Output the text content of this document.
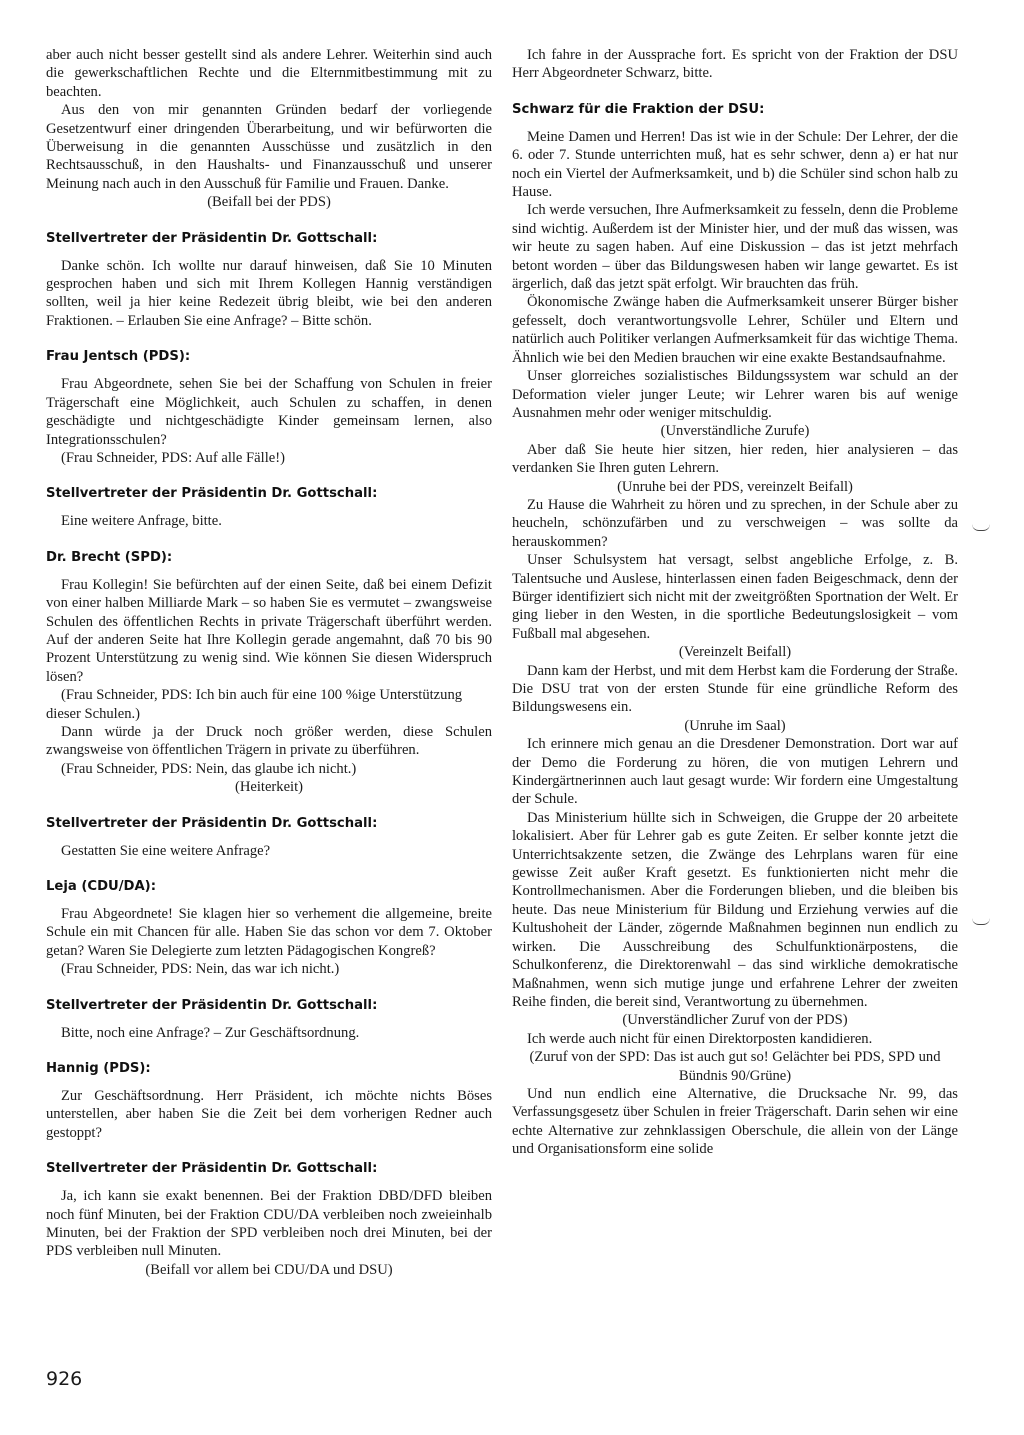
aber auch nicht besser gestellt sind als andere Lehrer. Weiterhin sind auch die gewerkschaftlichen Rechte und die Elternmitbestimmung mit zu beachten.

Aus den von mir genannten Gründen bedarf der vorliegende Gesetzentwurf einer dringenden Überarbeitung, und wir befürworten die Überweisung in die genannten Ausschüsse und zusätzlich in den Rechtsausschuß, in den Haushalts- und Finanzausschuß und unserer Meinung nach auch in den Ausschuß für Familie und Frauen. Danke.

(Beifall bei der PDS)

Stellvertreter der Präsidentin Dr. Gottschall:

Danke schön. Ich wollte nur darauf hinweisen, daß Sie 10 Minuten gesprochen haben und sich mit Ihrem Kollegen Hannig verständigen sollten, weil ja hier keine Redezeit übrig bleibt, wie bei den anderen Fraktionen. – Erlauben Sie eine Anfrage? – Bitte schön.

Frau Jentsch (PDS):

Frau Abgeordnete, sehen Sie bei der Schaffung von Schulen in freier Trägerschaft eine Möglichkeit, auch Schulen zu schaffen, in denen geschädigte und nichtgeschädigte Kinder gemeinsam lernen, also Integrationsschulen?

(Frau Schneider, PDS: Auf alle Fälle!)

Stellvertreter der Präsidentin Dr. Gottschall:

Eine weitere Anfrage, bitte.

Dr. Brecht (SPD):

Frau Kollegin! Sie befürchten auf der einen Seite, daß bei einem Defizit von einer halben Milliarde Mark – so haben Sie es vermutet – zwangsweise Schulen des öffentlichen Rechts in private Trägerschaft überführt werden. Auf der anderen Seite hat Ihre Kollegin gerade angemahnt, daß 70 bis 90 Prozent Unterstützung zu wenig sind. Wie können Sie diesen Widerspruch lösen?

(Frau Schneider, PDS: Ich bin auch für eine 100 %ige Unterstützung dieser Schulen.)

Dann würde ja der Druck noch größer werden, diese Schulen zwangsweise von öffentlichen Trägern in private zu überführen.

(Frau Schneider, PDS: Nein, das glaube ich nicht.)

(Heiterkeit)

Stellvertreter der Präsidentin Dr. Gottschall:

Gestatten Sie eine weitere Anfrage?

Leja (CDU/DA):

Frau Abgeordnete! Sie klagen hier so verhement die allgemeine, breite Schule ein mit Chancen für alle. Haben Sie das schon vor dem 7. Oktober getan? Waren Sie Delegierte zum letzten Pädagogischen Kongreß?

(Frau Schneider, PDS: Nein, das war ich nicht.)

Stellvertreter der Präsidentin Dr. Gottschall:

Bitte, noch eine Anfrage? – Zur Geschäftsordnung.

Hannig (PDS):

Zur Geschäftsordnung. Herr Präsident, ich möchte nichts Böses unterstellen, aber haben Sie die Zeit bei dem vorherigen Redner auch gestoppt?

Stellvertreter der Präsidentin Dr. Gottschall:

Ja, ich kann sie exakt benennen. Bei der Fraktion DBD/DFD bleiben noch fünf Minuten, bei der Fraktion CDU/DA verbleiben noch zweieinhalb Minuten, bei der Fraktion der SPD verbleiben noch drei Minuten, bei der PDS verbleiben null Minuten.

(Beifall vor allem bei CDU/DA und DSU)

Ich fahre in der Aussprache fort. Es spricht von der Fraktion der DSU Herr Abgeordneter Schwarz, bitte.

Schwarz für die Fraktion der DSU:

Meine Damen und Herren! Das ist wie in der Schule: Der Lehrer, der die 6. oder 7. Stunde unterrichten muß, hat es sehr schwer, denn a) er hat nur noch ein Viertel der Aufmerksamkeit, und b) die Schüler sind schon halb zu Hause.

Ich werde versuchen, Ihre Aufmerksamkeit zu fesseln, denn die Probleme sind wichtig. Außerdem ist der Minister hier, und der muß das wissen, was wir heute zu sagen haben. Auf eine Diskussion – das ist jetzt mehrfach betont worden – über das Bildungswesen haben wir lange gewartet. Es ist ärgerlich, daß das jetzt spät erfolgt. Wir brauchten das früh.

Ökonomische Zwänge haben die Aufmerksamkeit unserer Bürger bisher gefesselt, doch verantwortungsvolle Lehrer, Schüler und Eltern und natürlich auch Politiker verlangen Aufmerksamkeit für das wichtige Thema. Ähnlich wie bei den Medien brauchen wir eine exakte Bestandsaufnahme.

Unser glorreiches sozialistisches Bildungssystem war schuld an der Deformation vieler junger Leute; wir Lehrer waren bis auf wenige Ausnahmen mehr oder weniger mitschuldig.

(Unverständliche Zurufe)

Aber daß Sie heute hier sitzen, hier reden, hier analysieren – das verdanken Sie Ihren guten Lehrern.

(Unruhe bei der PDS, vereinzelt Beifall)

Zu Hause die Wahrheit zu hören und zu sprechen, in der Schule aber zu heucheln, schönzufärben und zu verschweigen – was sollte da herauskommen?

Unser Schulsystem hat versagt, selbst angebliche Erfolge, z. B. Talentsuche und Auslese, hinterlassen einen faden Beigeschmack, denn der Bürger identifiziert sich nicht mit der zweitgrößten Sportnation der Welt. Er ging lieber in den Westen, in die sportliche Bedeutungslosigkeit – vom Fußball mal abgesehen.

(Vereinzelt Beifall)

Dann kam der Herbst, und mit dem Herbst kam die Forderung der Straße. Die DSU trat von der ersten Stunde für eine gründliche Reform des Bildungswesens ein.

(Unruhe im Saal)

Ich erinnere mich genau an die Dresdener Demonstration. Dort war auf der Demo die Forderung zu hören, die von mutigen Lehrern und Kindergärtnerinnen auch laut gesagt wurde: Wir fordern eine Umgestaltung der Schule.

Das Ministerium hüllte sich in Schweigen, die Gruppe der 20 arbeitete lokalisiert. Aber für Lehrer gab es gute Zeiten. Er selber konnte jetzt die Unterrichtsakzente setzen, die Zwänge des Lehrplans waren für eine gewisse Zeit außer Kraft gesetzt. Es funktionierten nicht mehr die Kontrollmechanismen. Aber die Forderungen blieben, und die bleiben bis heute. Das neue Ministerium für Bildung und Erziehung verwies auf die Kultushoheit der Länder, zögernde Maßnahmen beginnen nun endlich zu wirken. Die Ausschreibung des Schulfunktionärpostens, die Schulkonferenz, die Direktorenwahl – das sind wirkliche demokratische Maßnahmen, wenn sich mutige junge und erfahrene Lehrer der zweiten Reihe finden, die bereit sind, Verantwortung zu übernehmen.

(Unverständlicher Zuruf von der PDS)

Ich werde auch nicht für einen Direktorposten kandidieren.

(Zuruf von der SPD: Das ist auch gut so! Gelächter bei PDS, SPD und Bündnis 90/Grüne)

Und nun endlich eine Alternative, die Drucksache Nr. 99, das Verfassungsgesetz über Schulen in freier Trägerschaft. Darin sehen wir eine echte Alternative zur zehnklassigen Oberschule, die allein von der Länge und Organisationsform eine solide

926
